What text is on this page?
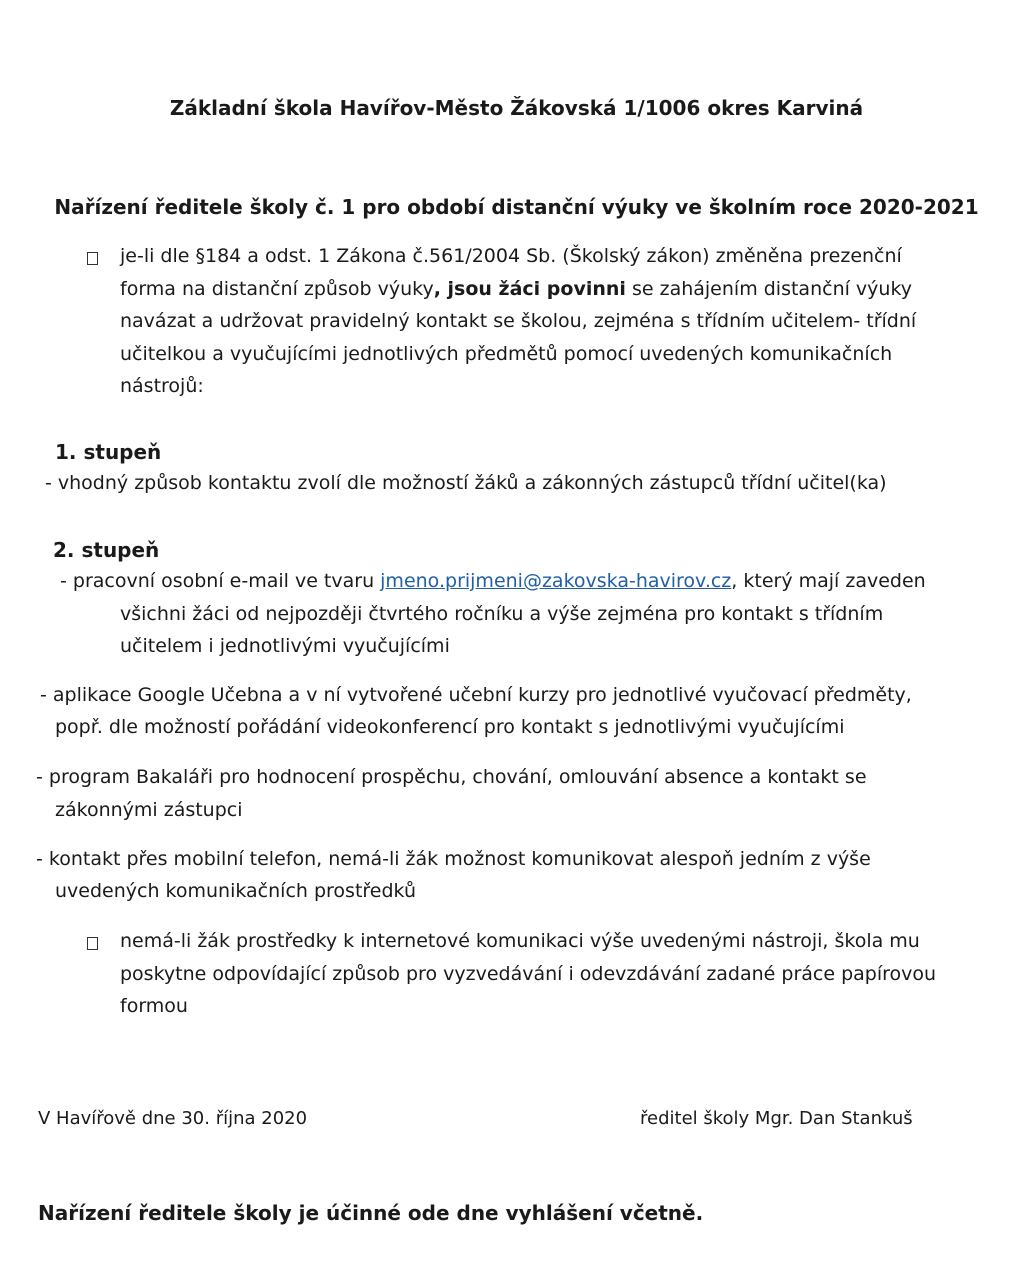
Základní škola Havířov-Město Žákovská 1/1006 okres Karviná
Nařízení ředitele školy č. 1 pro období distanční výuky ve školním roce 2020-2021
je-li dle §184 a odst. 1 Zákona č.561/2004 Sb. (Školský zákon) změněna prezenční
forma na distanční způsob výuky, jsou žáci povinni se zahájením distanční výuky
navázat a udržovat pravidelný kontakt se školou, zejména s třídním učitelem- třídní
učitelkou a vyučujícími jednotlivých předmětů pomocí uvedených komunikačních
nástrojů:
1. stupeň
- vhodný způsob kontaktu zvolí dle možností žáků a zákonných zástupců třídní učitel(ka)
2. stupeň
- pracovní osobní e-mail ve tvaru jmeno.prijmeni@zakovska-havirov.cz, který mají zaveden
všichni žáci od nejpozději čtvrtého ročníku a výše zejména pro kontakt s třídním
učitelem i jednotlivými vyučujícími
- aplikace Google Učebna a v ní vytvořené učební kurzy pro jednotlivé vyučovací předměty,
popř. dle možností pořádání videokonferencí pro kontakt s jednotlivými vyučujícími
- program Bakaláři pro hodnocení prospěchu, chování, omlouvání absence a kontakt se
zákonnými zástupci
- kontakt přes mobilní telefon, nemá-li žák možnost komunikovat alespoň jedním z výše
uvedených komunikačních prostředků
nemá-li žák prostředky k internetové komunikaci výše uvedenými nástroji, škola mu
poskytne odpovídající způsob pro vyzvedávání i odevzdávání zadané práce papírovou
formou
V Havířově dne 30. října 2020	ředitel školy Mgr. Dan Stankuš
Nařízení ředitele školy je účinné ode dne vyhlášení včetně.
